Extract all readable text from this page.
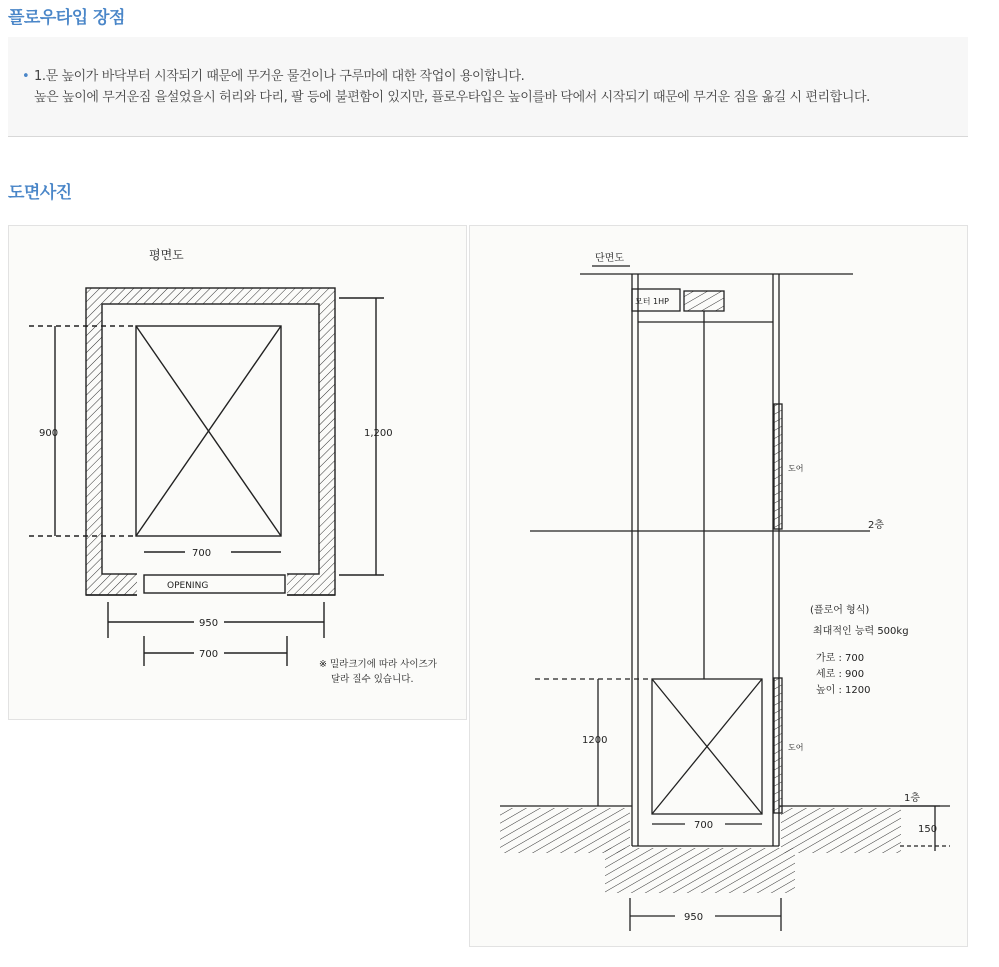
플로우타입 장점
• 1.문 높이가 바닥부터 시작되기 때문에 무거운 물건이나 구루마에 대한 작업이 용이합니다.
높은 높이에 무거운짐 을설었을시 허리와 다리, 팔 등에 불편함이 있지만, 플로우타입은 높이를바 닥에서 시작되기 때문에 무거운 짐을 옮길 시 편리합니다.
도면사진
평면도
900	1,200
700
OPENING
950
700
※ 밀라크기에 따라 사이즈가
달라 질수 있습니다.
단면도
모터 1HP
도어
2층
(플로어 형식)
최대적인 능력 500kg
가로 : 700
세로 : 900
높이 : 1200
1200
도어
1층
150
700
950
